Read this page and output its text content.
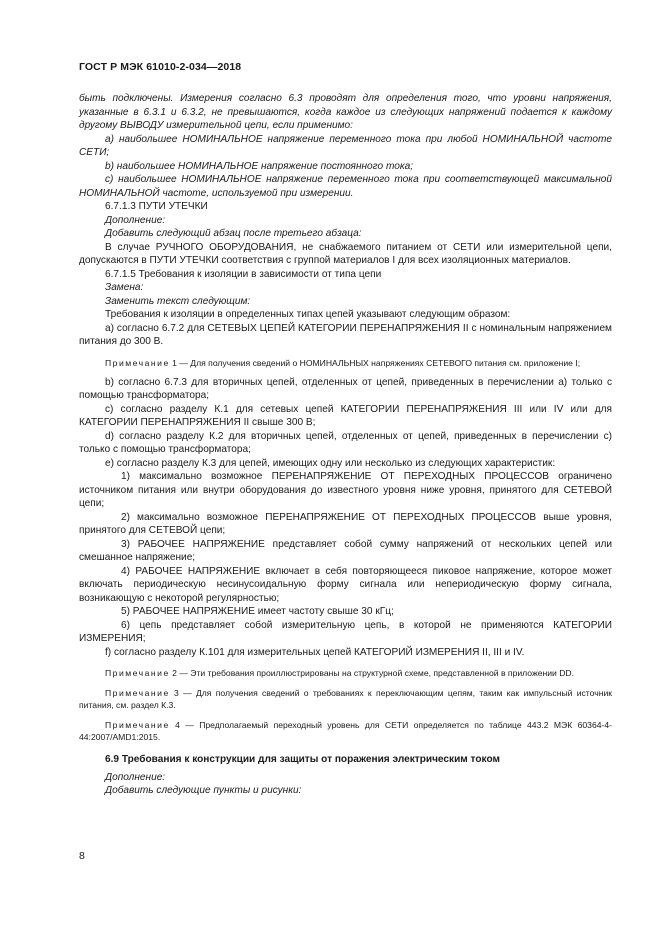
ГОСТ Р МЭК 61010-2-034—2018

быть подключены. Измерения согласно 6.3 проводят для определения того, что уровни напряжения, указанные в 6.3.1 и 6.3.2, не превышаются, когда каждое из следующих напряжений подается к каждому другому ВЫВОДУ измерительной цепи, если применимо:

а) наибольшее НОМИНАЛЬНОЕ напряжение переменного тока при любой НОМИНАЛЬНОЙ частоте СЕТИ;

b) наибольшее НОМИНАЛЬНОЕ напряжение постоянного тока;

с) наибольшее НОМИНАЛЬНОЕ напряжение переменного тока при соответствующей максимальной НОМИНАЛЬНОЙ частоте, используемой при измерении.

6.7.1.3 ПУТИ УТЕЧКИ

Дополнение:

Добавить следующий абзац после третьего абзаца:

В случае РУЧНОГО ОБОРУДОВАНИЯ, не снабжаемого питанием от СЕТИ или измерительной цепи, допускаются в ПУТИ УТЕЧКИ соответствия с группой материалов I для всех изоляционных материалов.

6.7.1.5 Требования к изоляции в зависимости от типа цепи

Замена:

Заменить текст следующим:

Требования к изоляции в определенных типах цепей указывают следующим образом:

a) согласно 6.7.2 для СЕТЕВЫХ ЦЕПЕЙ КАТЕГОРИИ ПЕРЕНАПРЯЖЕНИЯ II с номинальным напряжением питания до 300 В.

Примечание 1 — Для получения сведений о НОМИНАЛЬНЫХ напряжениях СЕТЕВОГО питания см. приложение I;

b) согласно 6.7.3 для вторичных цепей, отделенных от цепей, приведенных в перечислении а) только с помощью трансформатора;

c) согласно разделу К.1 для сетевых цепей КАТЕГОРИИ ПЕРЕНАПРЯЖЕНИЯ III или IV или для КАТЕГОРИИ ПЕРЕНАПРЯЖЕНИЯ II свыше 300 В;

d) согласно разделу К.2 для вторичных цепей, отделенных от цепей, приведенных в перечислении с) только с помощью трансформатора;

e) согласно разделу К.3 для цепей, имеющих одну или несколько из следующих характеристик:

1) максимально возможное ПЕРЕНАПРЯЖЕНИЕ ОТ ПЕРЕХОДНЫХ ПРОЦЕССОВ ограничено источником питания или внутри оборудования до известного уровня ниже уровня, принятого для СЕТЕВОЙ цепи;

2) максимально возможное ПЕРЕНАПРЯЖЕНИЕ ОТ ПЕРЕХОДНЫХ ПРОЦЕССОВ выше уровня, принятого для СЕТЕВОЙ цепи;

3) РАБОЧЕЕ НАПРЯЖЕНИЕ представляет собой сумму напряжений от нескольких цепей или смешанное напряжение;

4) РАБОЧЕЕ НАПРЯЖЕНИЕ включает в себя повторяющееся пиковое напряжение, которое может включать периодическую несинусоидальную форму сигнала или непериодическую форму сигнала, возникающую с некоторой регулярностью;

5) РАБОЧЕЕ НАПРЯЖЕНИЕ имеет частоту свыше 30 кГц;

6) цепь представляет собой измерительную цепь, в которой не применяются КАТЕГОРИИ ИЗМЕРЕНИЯ;

f) согласно разделу К.101 для измерительных цепей КАТЕГОРИЙ ИЗМЕРЕНИЯ II, III и IV.

Примечание 2 — Эти требования проиллюстрированы на структурной схеме, представленной в приложении DD.

Примечание 3 — Для получения сведений о требованиях к переключающим цепям, таким как импульсный источник питания, см. раздел К.3.

Примечание 4 — Предполагаемый переходный уровень для СЕТИ определяется по таблице 443.2 МЭК 60364-4-44:2007/AMD1:2015.

6.9 Требования к конструкции для защиты от поражения электрическим током

Дополнение:

Добавить следующие пункты и рисунки:

8
